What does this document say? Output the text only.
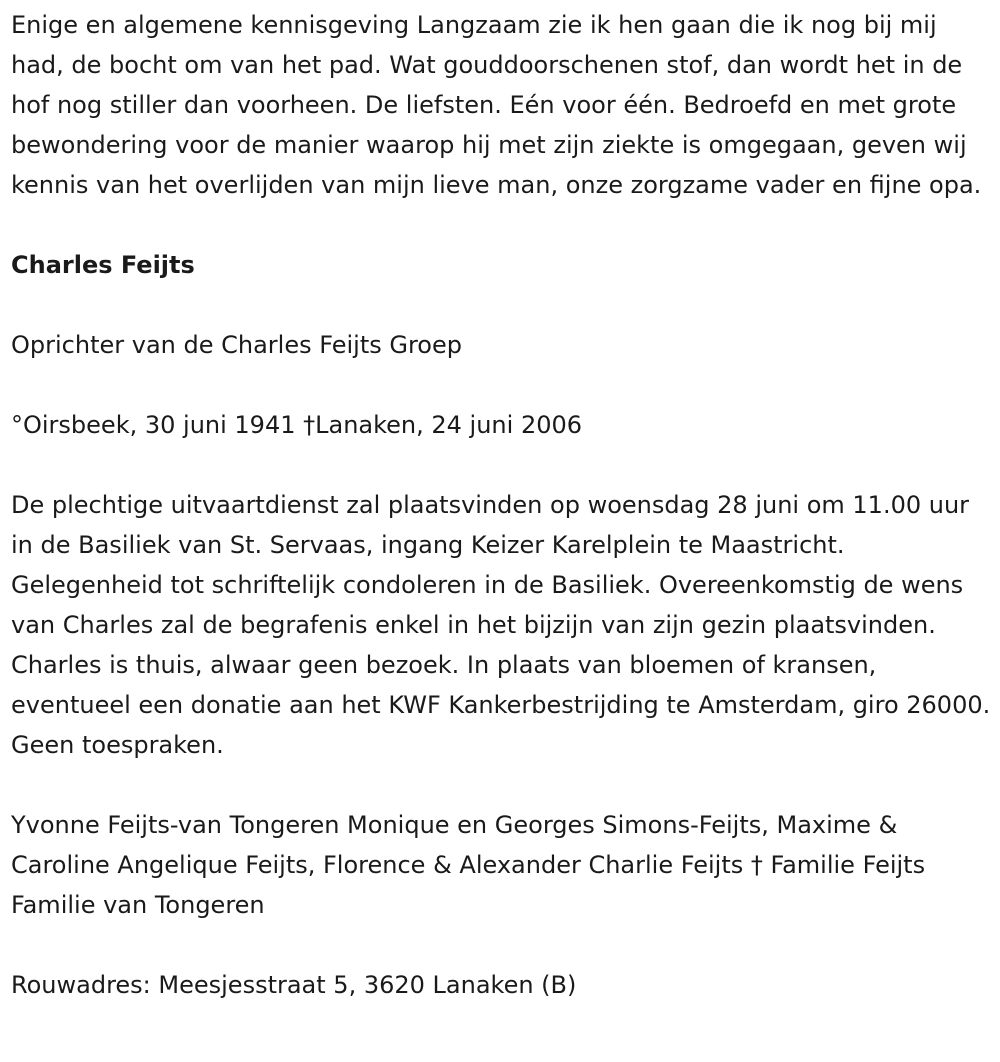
Enige en algemene kennisgeving Langzaam zie ik hen gaan die ik nog bij mij had, de bocht om van het pad. Wat gouddoorschenen stof, dan wordt het in de hof nog stiller dan voorheen. De liefsten. Eén voor één. Bedroefd en met grote bewondering voor de manier waarop hij met zijn ziekte is omgegaan, geven wij kennis van het overlijden van mijn lieve man, onze zorgzame vader en fijne opa.

Charles Feijts

Oprichter van de Charles Feijts Groep

°Oirsbeek, 30 juni 1941 †Lanaken, 24 juni 2006

De plechtige uitvaartdienst zal plaatsvinden op woensdag 28 juni om 11.00 uur in de Basiliek van St. Servaas, ingang Keizer Karelplein te Maastricht. Gelegenheid tot schriftelijk condoleren in de Basiliek. Overeenkomstig de wens van Charles zal de begrafenis enkel in het bijzijn van zijn gezin plaatsvinden. Charles is thuis, alwaar geen bezoek. In plaats van bloemen of kransen, eventueel een donatie aan het KWF Kankerbestrijding te Amsterdam, giro 26000. Geen toespraken.

Yvonne Feijts-van Tongeren Monique en Georges Simons-Feijts, Maxime & Caroline Angelique Feijts, Florence & Alexander Charlie Feijts † Familie Feijts Familie van Tongeren

Rouwadres: Meesjesstraat 5, 3620 Lanaken (B)
